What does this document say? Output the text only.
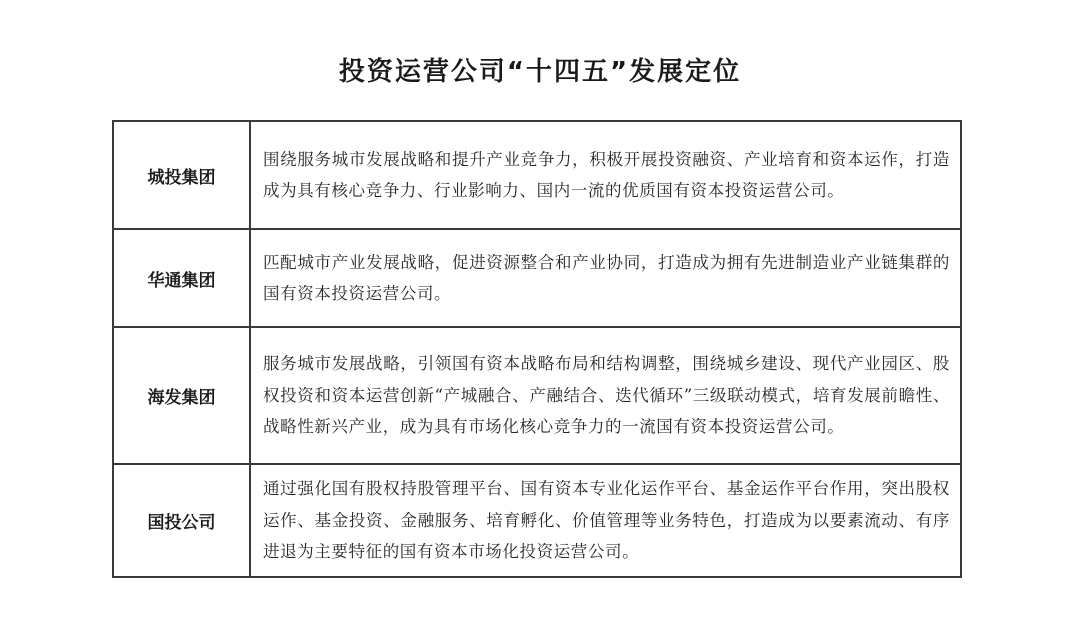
投资运营公司“十四五”发展定位
城投集团	围绕服务城市发展战略和提升产业竞争力，积极开展投资融资、产业培育和资本运作，打造成为具有核心竞争力、行业影响力、国内一流的优质国有资本投资运营公司。
华通集团	匹配城市产业发展战略，促进资源整合和产业协同，打造成为拥有先进制造业产业链集群的国有资本投资运营公司。
海发集团	服务城市发展战略，引领国有资本战略布局和结构调整，围绕城乡建设、现代产业园区、股权投资和资本运营创新“产城融合、产融结合、迭代循环”三级联动模式，培育发展前瞻性、战略性新兴产业，成为具有市场化核心竞争力的一流国有资本投资运营公司。
国投公司	通过强化国有股权持股管理平台、国有资本专业化运作平台、基金运作平台作用，突出股权运作、基金投资、金融服务、培育孵化、价值管理等业务特色，打造成为以要素流动、有序进退为主要特征的国有资本市场化投资运营公司。
